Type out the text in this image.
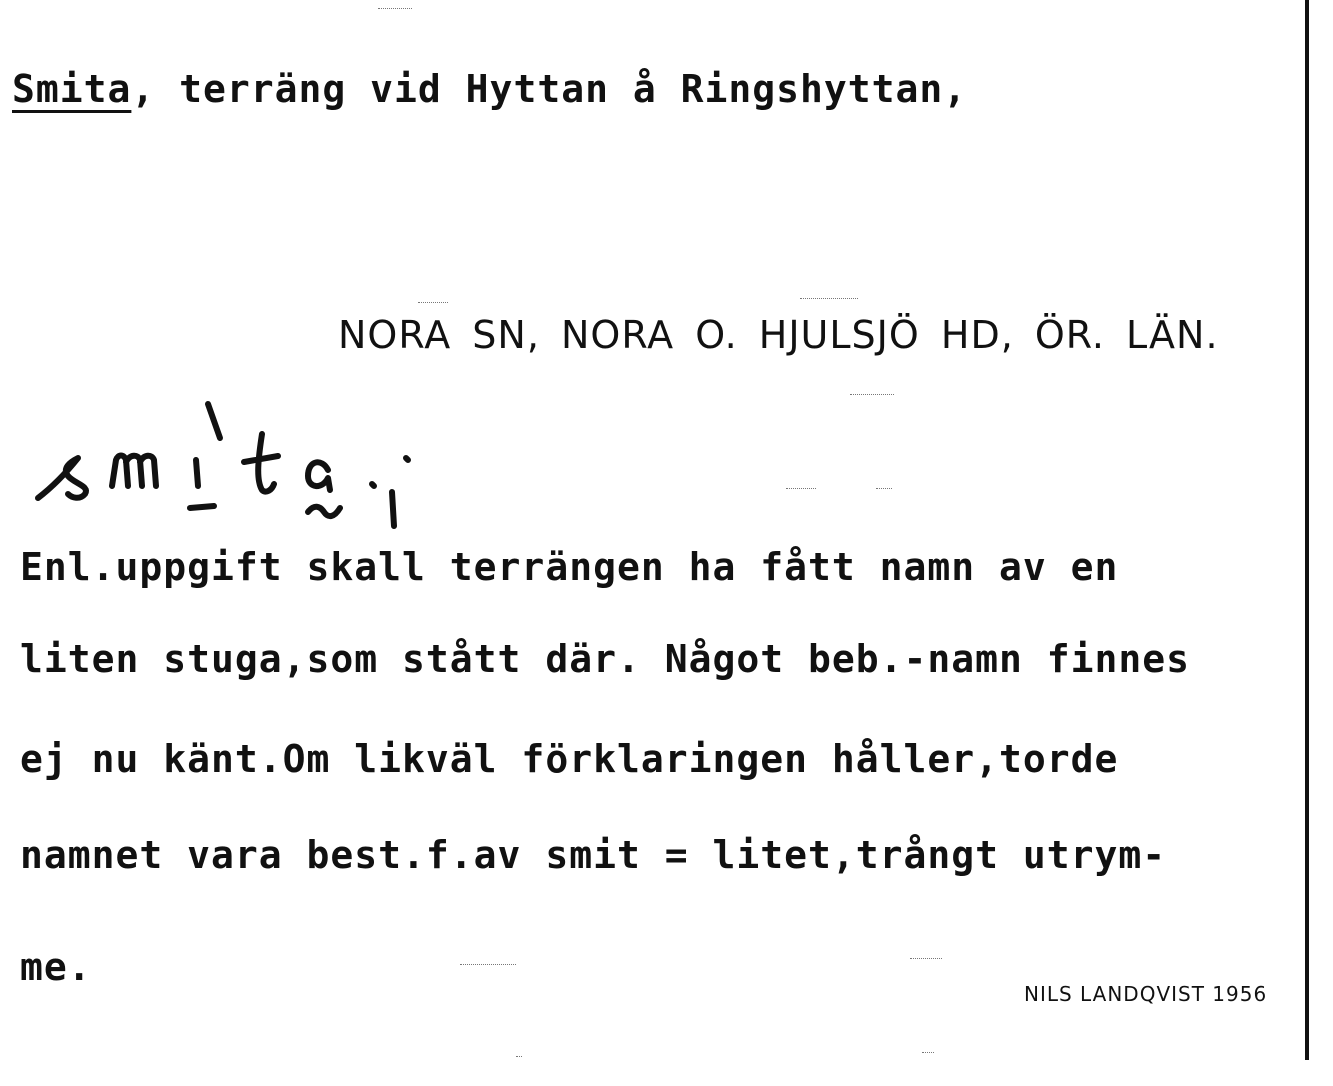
Smita, terräng vid Hyttan å Ringshyttan,
NORA SN, NORA O. HJULSJÖ HD, ÖR. LÄN.
Enl.uppgift skall terrängen ha fått namn av en
liten stuga,som stått där. Något beb.-namn finnes
ej nu känt.Om likväl förklaringen håller,torde
namnet vara best.f.av smit = litet,trångt utrym-
me.
NILS LANDQVIST 1956
